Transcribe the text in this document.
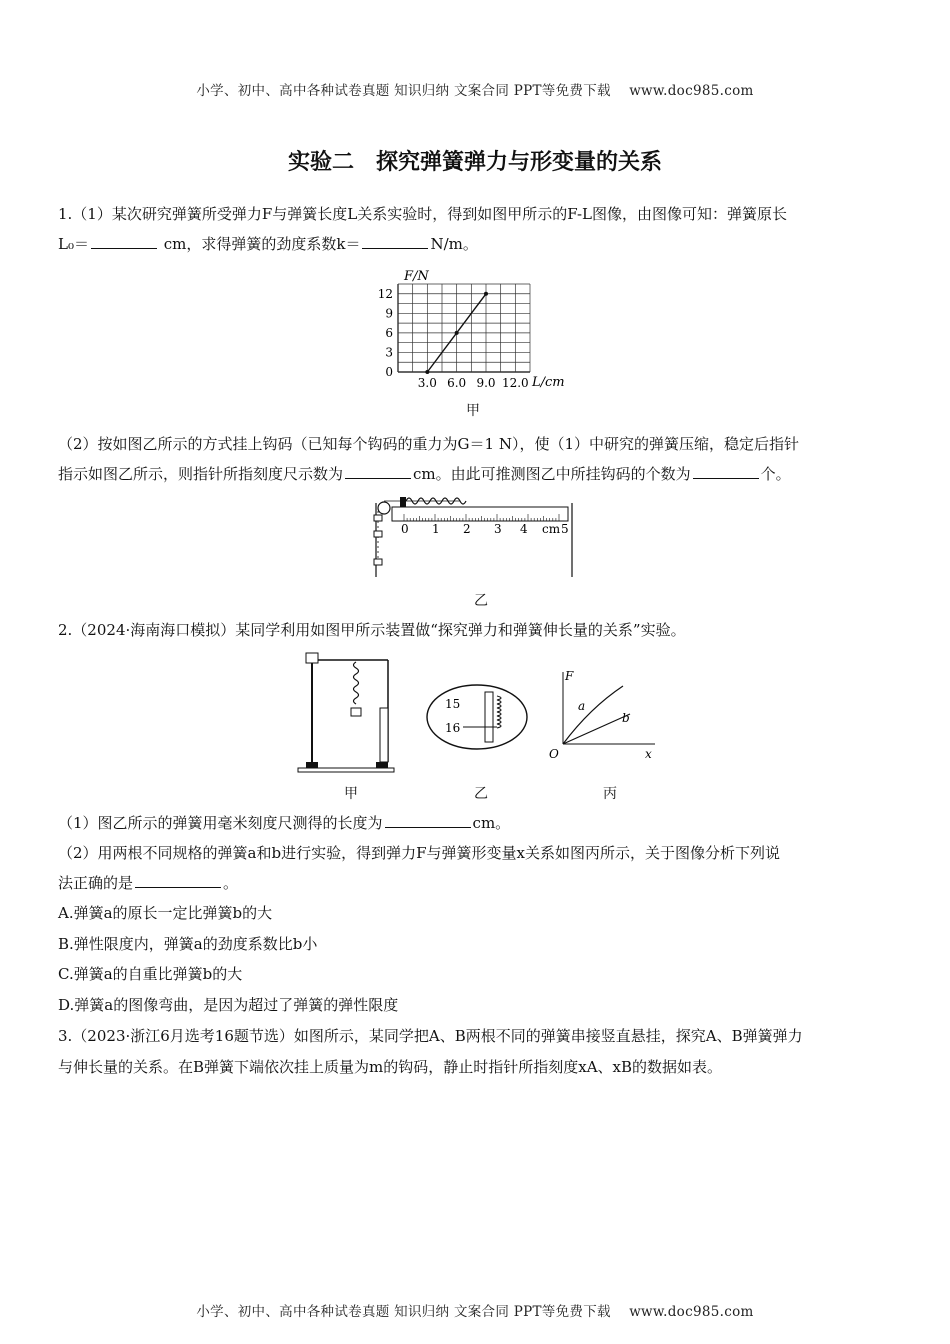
小学、初中、高中各种试卷真题 知识归纳 文案合同 PPT等免费下载 www.doc985.com
实验二　探究弹簧弹力与形变量的关系
1.（1）某次研究弹簧所受弹力F与弹簧长度L关系实验时，得到如图甲所示的F-L图像，由图像可知：弹簧原长
L₀＝	cm，求得弹簧的劲度系数k＝	N/m。
F/N
12
9
6
3
0
3.0 6.0 9.0 12.0 L/cm
甲
（2）按如图乙所示的方式挂上钩码（已知每个钩码的重力为G＝1 N），使（1）中研究的弹簧压缩，稳定后指针
指示如图乙所示，则指针所指刻度尺示数为	cm。由此可推测图乙中所挂钩码的个数为	个。
0 1 2 3	5
4 cm
乙
2.（2024·海南海口模拟）某同学利用如图甲所示装置做“探究弹力和弹簧伸长量的关系”实验。
15
16
F
x
O
a
b
甲	乙	丙
（1）图乙所示的弹簧用毫米刻度尺测得的长度为	cm。
（2）用两根不同规格的弹簧a和b进行实验，得到弹力F与弹簧形变量x关系如图丙所示，关于图像分析下列说
法正确的是	。
A.弹簧a的原长一定比弹簧b的大
B.弹性限度内，弹簧a的劲度系数比b小
C.弹簧a的自重比弹簧b的大
D.弹簧a的图像弯曲，是因为超过了弹簧的弹性限度
3.（2023·浙江6月选考16题节选）如图所示，某同学把A、B两根不同的弹簧串接竖直悬挂，探究A、B弹簧弹力
与伸长量的关系。在B弹簧下端依次挂上质量为m的钩码，静止时指针所指刻度xA、xB的数据如表。
小学、初中、高中各种试卷真题 知识归纳 文案合同 PPT等免费下载 www.doc985.com
